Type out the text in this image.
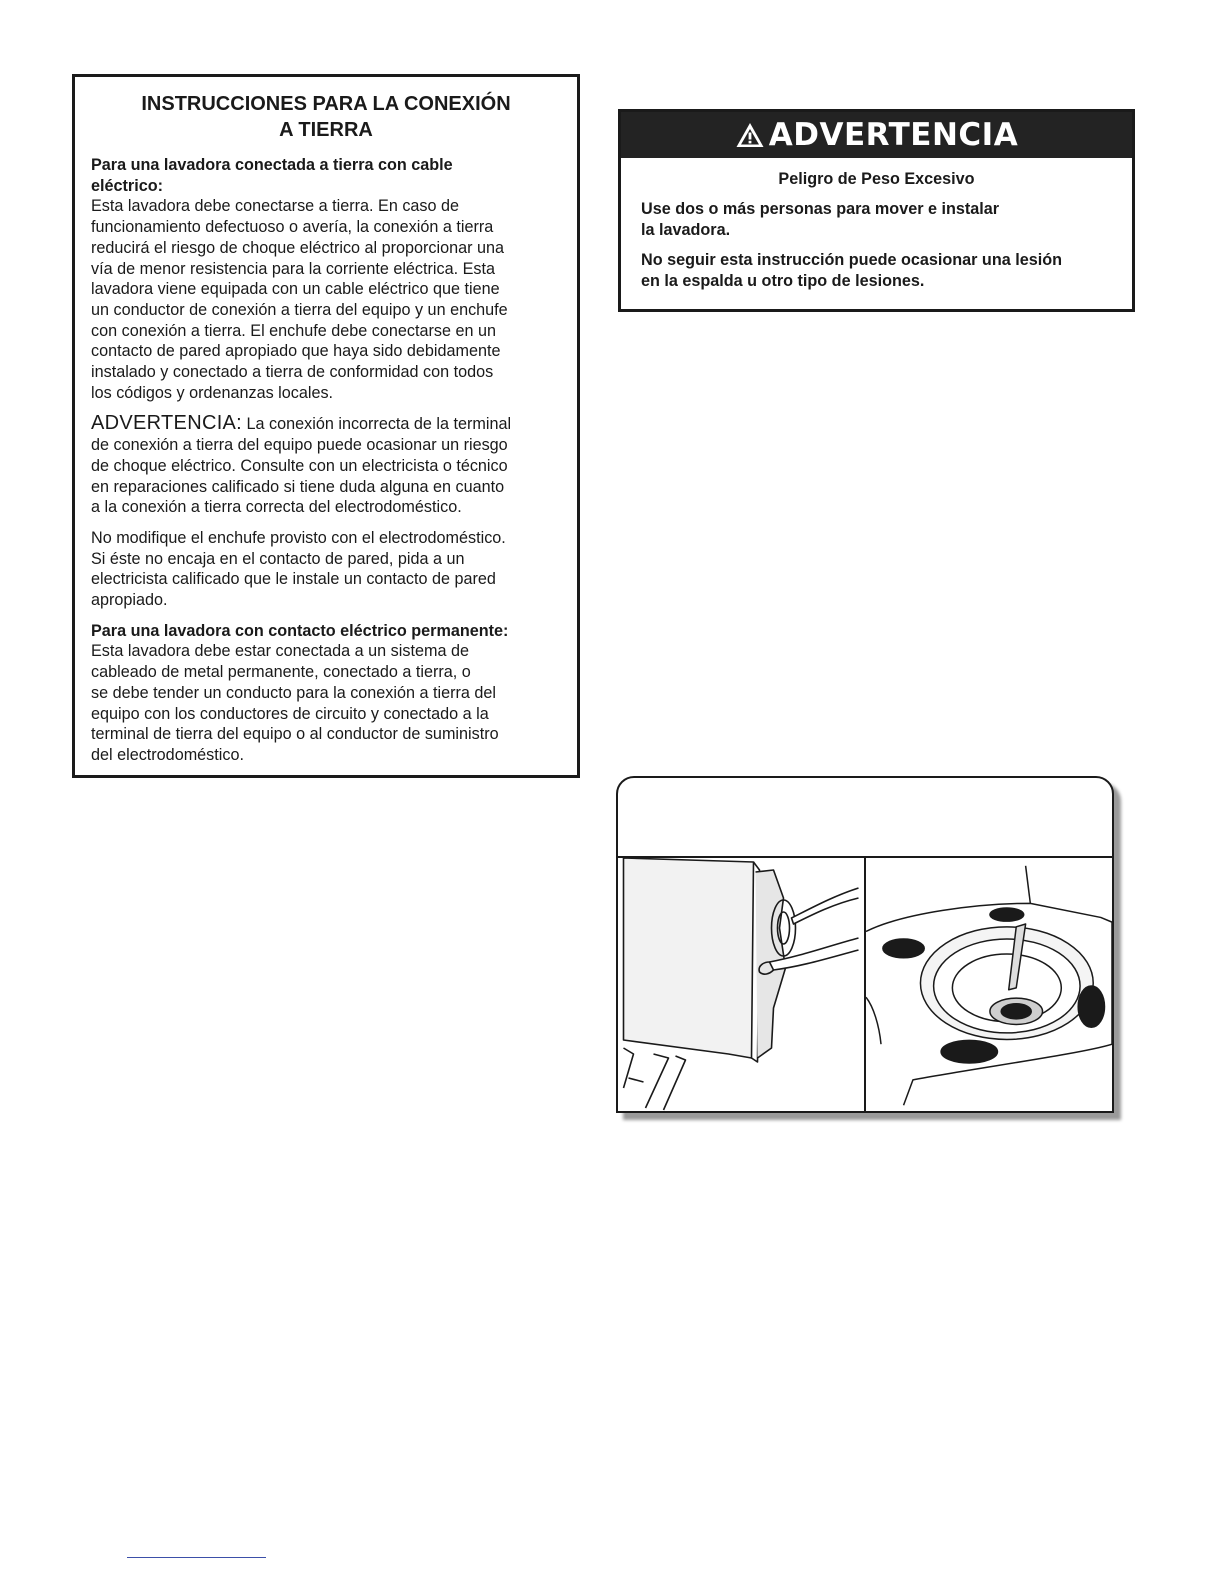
INSTRUCCIONES PARA LA CONEXIÓN
A TIERRA

Para una lavadora conectada a tierra con cable
eléctrico:
Esta lavadora debe conectarse a tierra. En caso de
funcionamiento defectuoso o avería, la conexión a tierra
reducirá el riesgo de choque eléctrico al proporcionar una
vía de menor resistencia para la corriente eléctrica. Esta
lavadora viene equipada con un cable eléctrico que tiene
un conductor de conexión a tierra del equipo y un enchufe
con conexión a tierra. El enchufe debe conectarse en un
contacto de pared apropiado que haya sido debidamente
instalado y conectado a tierra de conformidad con todos
los códigos y ordenanzas locales.

ADVERTENCIA: La conexión incorrecta de la terminal
de conexión a tierra del equipo puede ocasionar un riesgo
de choque eléctrico. Consulte con un electricista o técnico
en reparaciones calificado si tiene duda alguna en cuanto
a la conexión a tierra correcta del electrodoméstico.

No modifique el enchufe provisto con el electrodoméstico.
Si éste no encaja en el contacto de pared, pida a un
electricista calificado que le instale un contacto de pared
apropiado.

Para una lavadora con contacto eléctrico permanente:
Esta lavadora debe estar conectada a un sistema de
cableado de metal permanente, conectado a tierra, o
se debe tender un conducto para la conexión a tierra del
equipo con los conductores de circuito y conectado a la
terminal de tierra del equipo o al conductor de suministro
del electrodoméstico.

ADVERTENCIA

Peligro de Peso Excesivo

Use dos o más personas para mover e instalar
la lavadora.

No seguir esta instrucción puede ocasionar una lesión
en la espalda u otro tipo de lesiones.
